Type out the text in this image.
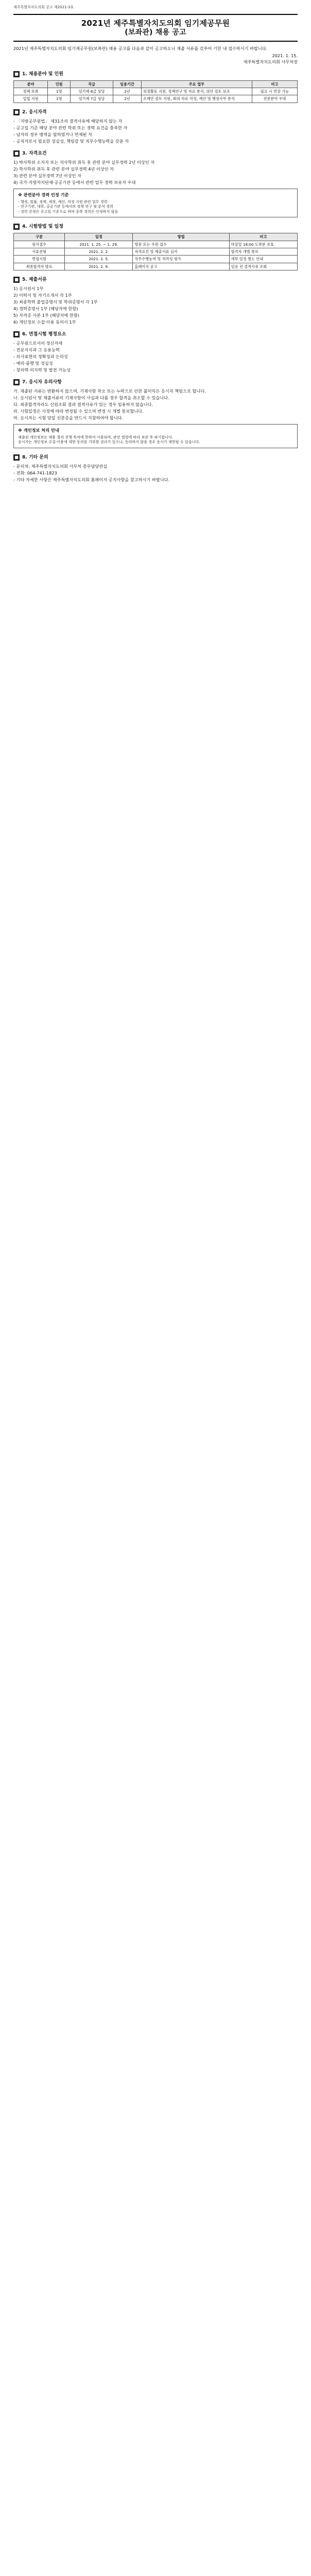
제주특별자치도의회 공고 제2021-3호
2021년 제주특별자치도의회 임기제공무원
(보좌관) 채용 공고

2021년 제주특별자치도의회 임기제공무원(보좌관) 채용 공고를 다음과 같이 공고하오니 제출 서류를 갖추어 기한 내 접수하시기 바랍니다.

2021. 1. 15.
제주특별자치도의회 사무처장
■ 1. 채용분야 및 인원
분야	인원	직급	임용기간	주요 업무	비고
정책 보좌	1명	임기제 6급 상당	2년	의정활동 지원, 정책연구 및 자료 분석, 의안 검토 보조	필요 시 연장 가능
입법 지원	1명	임기제 7급 상당	2년	조례안 검토 지원, 회의 자료 작성, 예산 및 행정사무 분석	전문분야 우대
■ 2. 응시자격
- 「지방공무원법」 제31조의 결격사유에 해당하지 않는 자
- 공고일 기준 해당 분야 관련 학위 또는 경력 요건을 충족한 자
- 남자의 경우 병역을 필하였거나 면제된 자
- 공직자로서 필요한 성실성, 책임감 및 직무수행능력을 갖춘 자
■ 3. 자격요건
1) 박사학위 소지자 또는 석사학위 취득 후 관련 분야 실무경력 2년 이상인 자
2) 학사학위 취득 후 관련 분야 실무경력 4년 이상인 자
3) 관련 분야 실무경력 7년 이상인 자
4) 국가·지방자치단체·공공기관 등에서 관련 업무 경력 보유자 우대
※ 관련분야 경력 인정 기준
- 행정, 법률, 정책, 재정, 예산, 의정 지원 관련 업무 경력
- 연구기관, 대학, 공공기관 등에서의 정책 연구 및 분석 경력
- 경력 산정은 공고일 기준으로 하며 중복 경력은 인정하지 않음
■ 4. 시험방법 및 일정
구분	일정	방법	비고
원서접수	2021. 1. 25. ~ 1. 29.	방문 또는 우편 접수	마감일 18:00 도착분 유효
서류전형	2021. 2. 2.	자격요건 및 제출서류 심사	합격자 개별 통보
면접시험	2021. 2. 5.	직무수행능력 및 적격성 평가	세부 일정 별도 안내
최종합격자 발표	2021. 2. 9.	홈페이지 공고	임용 전 결격사유 조회
■ 5. 제출서류
1) 응시원서 1부
2) 이력서 및 자기소개서 각 1부
3) 최종학력 졸업증명서 및 학위증명서 각 1부
4) 경력증명서 1부 (해당자에 한함)
5) 자격증 사본 1부 (해당자에 한함)
6) 개인정보 수집·이용 동의서 1부
■ 6. 면접시험 평정요소
- 공무원으로서의 정신자세
- 전문지식과 그 응용능력
- 의사표현의 정확성과 논리성
- 예의·품행 및 성실성
- 창의력·의지력 및 발전 가능성
■ 7. 응시자 유의사항
가. 제출된 서류는 반환하지 않으며, 기재사항 착오 또는 누락으로 인한 불이익은 응시자 책임으로 합니다.
나. 응시원서 및 제출서류의 기재사항이 사실과 다를 경우 합격을 취소할 수 있습니다.
다. 최종합격자라도 신원조회 결과 결격사유가 있는 경우 임용하지 않습니다.
라. 시험일정은 사정에 따라 변경될 수 있으며 변경 시 개별 통보합니다.
마. 응시자는 시험 당일 신분증을 반드시 지참하여야 합니다.
※ 개인정보 처리 안내
제출된 개인정보는 채용 절차 진행 목적에 한하여 이용되며, 관련 법령에 따라 보관 후 파기합니다.
응시자는 개인정보 수집·이용에 대한 동의를 거부할 권리가 있으나, 동의하지 않을 경우 응시가 제한될 수 있습니다.
■ 8. 기타 문의
- 문의처: 제주특별자치도의회 사무처 총무담당관실
- 전화: 064-741-1823
- 기타 자세한 사항은 제주특별자치도의회 홈페이지 공지사항을 참고하시기 바랍니다.
